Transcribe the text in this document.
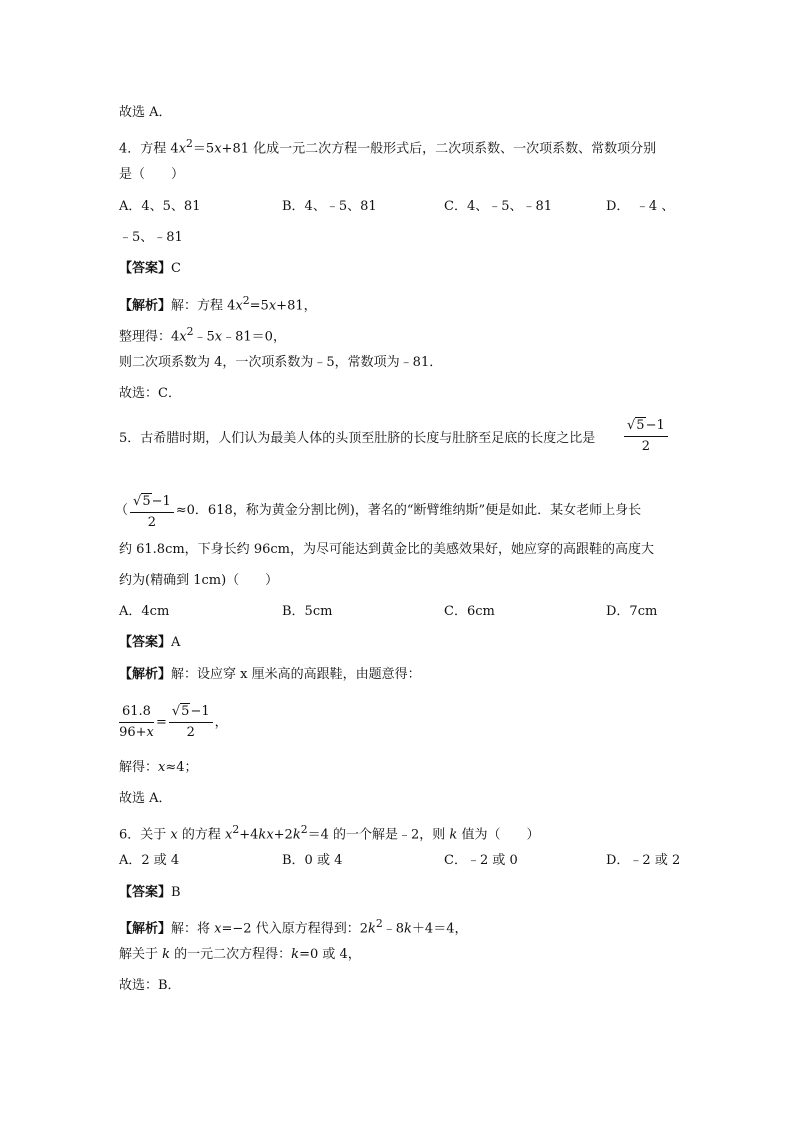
故选 A．
4．方程 $4x^2=5x+81$ 化成一元二次方程一般形式后，二次项系数、一次项系数、常数项分别
是（　　）
A．4、5、81	B．4、﹣5、81	C．4、﹣5、﹣81	D．　﹣4 、
﹣5、﹣81
【答案】C
【解析】解：方程 $4x^2=5x+81$，
整理得：$4x^2﹣5x﹣81=0$，
则二次项系数为 4，一次项系数为﹣5，常数项为﹣81．
故选：C．
5．古希腊时期，人们认为最美人体的头顶至肚脐的长度与肚脐至足底的长度之比是 $\frac{√5-1}{2}$
（ $\frac{√5-1}{2} \approx 0$．618，称为黄金分割比例)，著名的“断臂维纳斯”便是如此．某女老师上身长
约 61.8cm，下身长约 96cm，为尽可能达到黄金比的美感效果好，她应穿的高跟鞋的高度大
约为(精确到 1cm)（　　）
A．4cm	B．5cm	C．6cm	D．7cm
【答案】A
【解析】解：设应穿 x 厘米高的高跟鞋，由题意得：
$\frac{61.8}{96+x} = \frac{√5-1}{2}$ ，
解得：x≈4；
故选 A．
6．关于 x 的方程 $x^2+4kx+2k^2=4$ 的一个解是﹣2，则 k 值为（　　）
A．2 或 4	B．0 或 4	C．﹣2 或 0	D．﹣2 或 2
【答案】B
【解析】解：将 x=−2 代入原方程得到：$2k^2﹣8k+4=4$，
解关于 k 的一元二次方程得：k=0 或 4，
故选：B．
